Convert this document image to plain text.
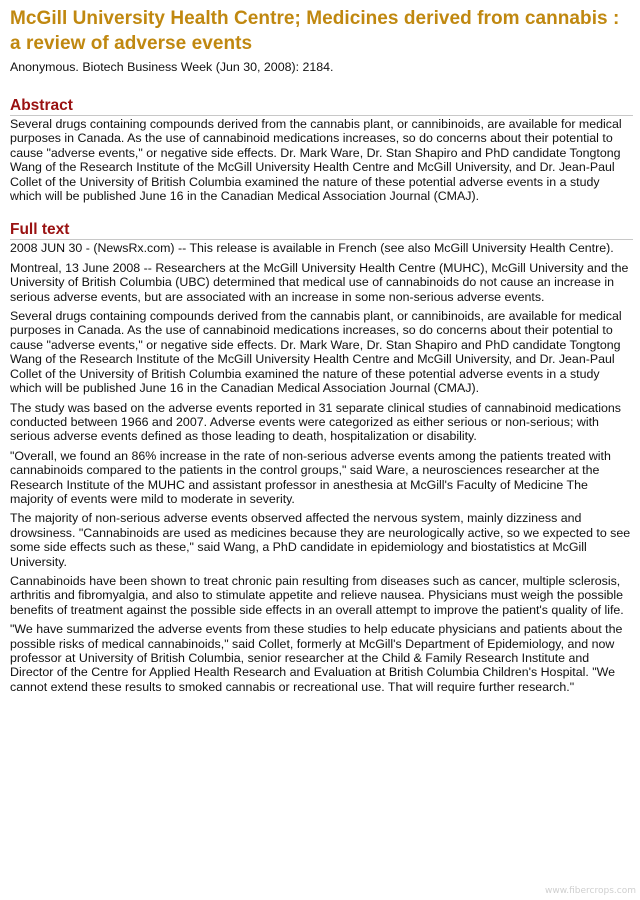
McGill University Health Centre; Medicines derived from cannabis : a review of adverse events
Anonymous. Biotech Business Week (Jun 30, 2008): 2184.
Abstract

Several drugs containing compounds derived from the cannabis plant, or cannibinoids, are available for medical purposes in Canada. As the use of cannabinoid medications increases, so do concerns about their potential to cause "adverse events," or negative side effects. Dr. Mark Ware, Dr. Stan Shapiro and PhD candidate Tongtong Wang of the Research Institute of the McGill University Health Centre and McGill University, and Dr. Jean-Paul Collet of the University of British Columbia examined the nature of these potential adverse events in a study which will be published June 16 in the Canadian Medical Association Journal (CMAJ).

Full text

2008 JUN 30 - (NewsRx.com) -- This release is available in French (see also McGill University Health Centre).

Montreal, 13 June 2008 -- Researchers at the McGill University Health Centre (MUHC), McGill University and the University of British Columbia (UBC) determined that medical use of cannabinoids do not cause an increase in serious adverse events, but are associated with an increase in some non-serious adverse events.

Several drugs containing compounds derived from the cannabis plant, or cannibinoids, are available for medical purposes in Canada. As the use of cannabinoid medications increases, so do concerns about their potential to cause "adverse events," or negative side effects. Dr. Mark Ware, Dr. Stan Shapiro and PhD candidate Tongtong Wang of the Research Institute of the McGill University Health Centre and McGill University, and Dr. Jean-Paul Collet of the University of British Columbia examined the nature of these potential adverse events in a study which will be published June 16 in the Canadian Medical Association Journal (CMAJ).

The study was based on the adverse events reported in 31 separate clinical studies of cannabinoid medications conducted between 1966 and 2007. Adverse events were categorized as either serious or non-serious; with serious adverse events defined as those leading to death, hospitalization or disability.

"Overall, we found an 86% increase in the rate of non-serious adverse events among the patients treated with cannabinoids compared to the patients in the control groups," said Ware, a neurosciences researcher at the Research Institute of the MUHC and assistant professor in anesthesia at McGill's Faculty of Medicine The majority of events were mild to moderate in severity.

The majority of non-serious adverse events observed affected the nervous system, mainly dizziness and drowsiness. "Cannabinoids are used as medicines because they are neurologically active, so we expected to see some side effects such as these," said Wang, a PhD candidate in epidemiology and biostatistics at McGill University.

Cannabinoids have been shown to treat chronic pain resulting from diseases such as cancer, multiple sclerosis, arthritis and fibromyalgia, and also to stimulate appetite and relieve nausea. Physicians must weigh the possible benefits of treatment against the possible side effects in an overall attempt to improve the patient's quality of life.

"We have summarized the adverse events from these studies to help educate physicians and patients about the possible risks of medical cannabinoids," said Collet, formerly at McGill's Department of Epidemiology, and now professor at University of British Columbia, senior researcher at the Child & Family Research Institute and Director of the Centre for Applied Health Research and Evaluation at British Columbia Children's Hospital. "We cannot extend these results to smoked cannabis or recreational use. That will require further research."

www.fibercrops.com
